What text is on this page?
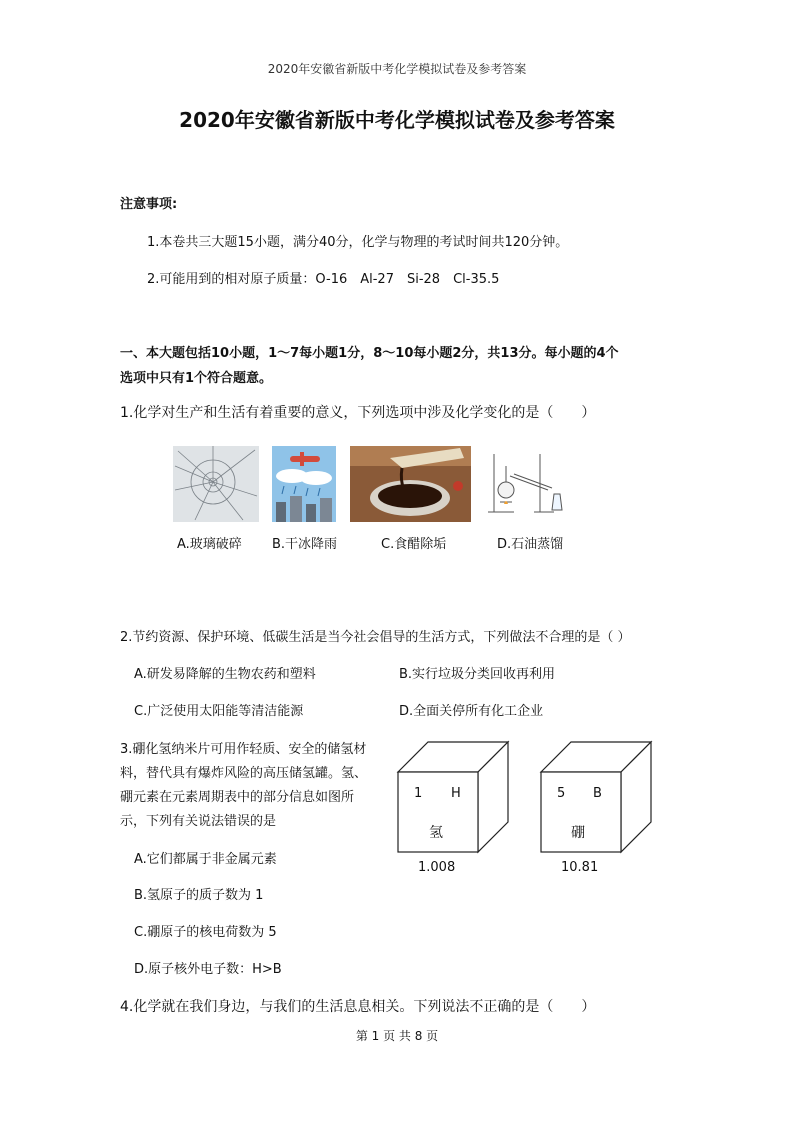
2020年安徽省新版中考化学模拟试卷及参考答案
2020年安徽省新版中考化学模拟试卷及参考答案
注意事项:
1.本卷共三大题15小题，满分40分，化学与物理的考试时间共120分钟。
2.可能用到的相对原子质量：O-16　Al-27　Si-28　Cl-35.5
一、本大题包括10小题，1～7每小题1分，8～10每小题2分，共13分。每小题的4个
选项中只有1个符合题意。
1.化学对生产和生活有着重要的意义，下列选项中涉及化学变化的是（　　）
A.玻璃破碎 B.干冰降雨	C.食醋除垢	D.石油蒸馏
2.节约资源、保护环境、低碳生活是当今社会倡导的生活方式，下列做法不合理的是（ ）
A.研发易降解的生物农药和塑料	B.实行垃圾分类回收再利用
C.广泛使用太阳能等清洁能源	D.全面关停所有化工企业
3.硼化氢纳米片可用作轻质、安全的储氢材
料，替代具有爆炸风险的高压储氢罐。氢、
硼元素在元素周期表中的部分信息如图所
示，下列有关说法错误的是
A.它们都属于非金属元素
B.氢原子的质子数为 1
C.硼原子的核电荷数为 5
D.原子核外电子数：H>B
1 H
氢
1.008
5 B
硼
10.81
4.化学就在我们身边，与我们的生活息息相关。下列说法不正确的是（　　）
第 1 页 共 8 页
